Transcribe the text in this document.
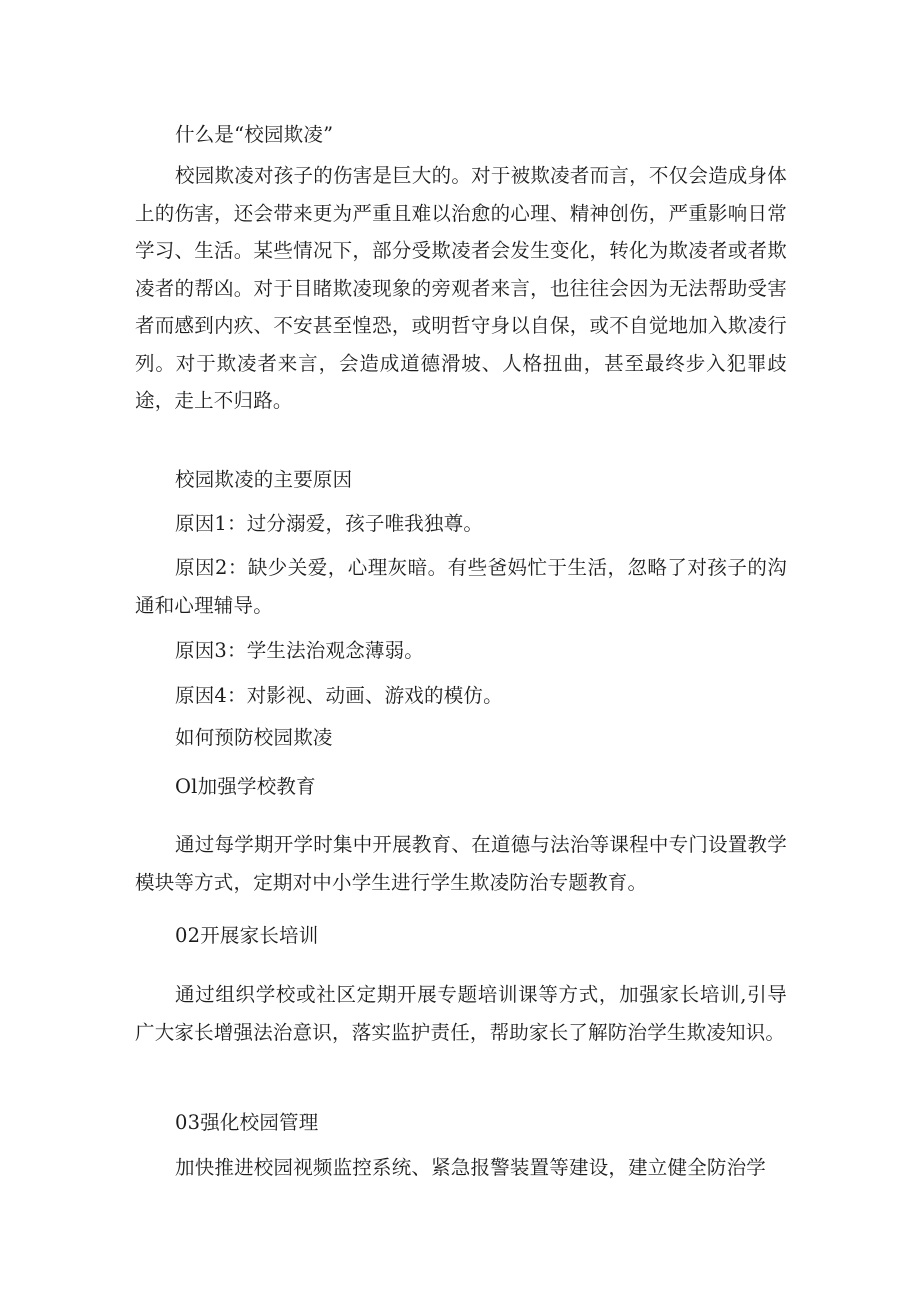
什么是“校园欺凌”

校园欺凌对孩子的伤害是巨大的。对于被欺凌者而言，不仅会造成身体上的伤害，还会带来更为严重且难以治愈的心理、精神创伤，严重影响日常学习、生活。某些情况下，部分受欺凌者会发生变化，转化为欺凌者或者欺凌者的帮凶。对于目睹欺凌现象的旁观者来言，也往往会因为无法帮助受害者而感到内疚、不安甚至惶恐，或明哲守身以自保，或不自觉地加入欺凌行列。对于欺凌者来言，会造成道德滑坡、人格扭曲，甚至最终步入犯罪歧途，走上不归路。

校园欺凌的主要原因

原因1：过分溺爱，孩子唯我独尊。

原因2：缺少关爱，心理灰暗。有些爸妈忙于生活，忽略了对孩子的沟通和心理辅导。

原因3：学生法治观念薄弱。

原因4：对影视、动画、游戏的模仿。

如何预防校园欺凌

Ol加强学校教育

通过每学期开学时集中开展教育、在道德与法治等课程中专门设置教学模块等方式，定期对中小学生进行学生欺凌防治专题教育。

02开展家长培训

通过组织学校或社区定期开展专题培训课等方式，加强家长培训,引导广大家长增强法治意识，落实监护责任，帮助家长了解防治学生欺凌知识。

03强化校园管理

加快推进校园视频监控系统、紧急报警装置等建设，建立健全防治学
